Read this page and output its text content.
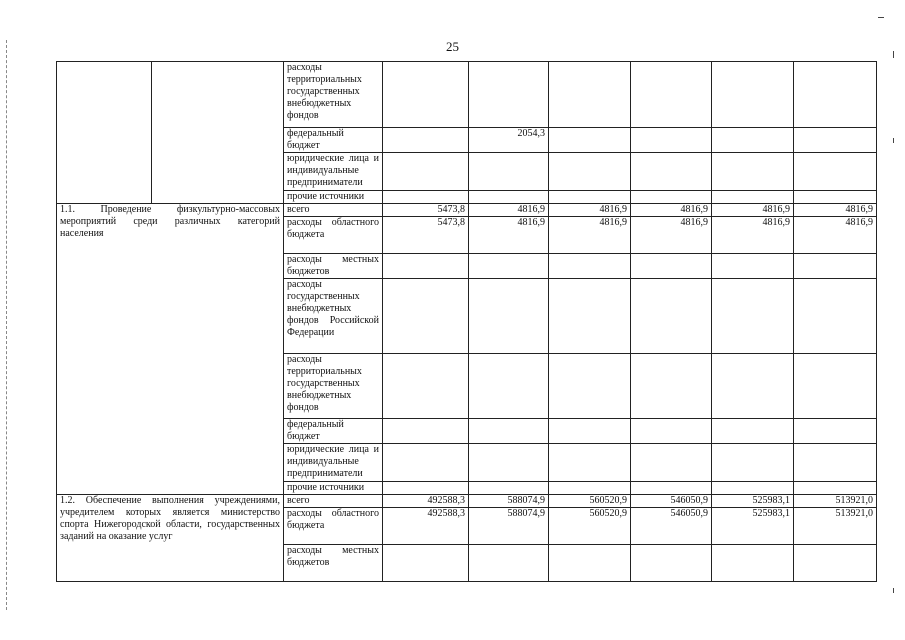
25
		расходы территориальных государственных внебюджетных фондов						
		федеральный бюджет		2054,3				
		юридические лица и индивидуальные предприниматели						
		прочие источники						
1.1. Проведение физкультурно-массовых мероприятий среди различных категорий населения		всего	5473,8	4816,9	4816,9	4816,9	4816,9	4816,9
		расходы областного бюджета	5473,8	4816,9	4816,9	4816,9	4816,9	4816,9
		расходы местных бюджетов						
		расходы государственных внебюджетных фондов Российской Федерации						
		расходы территориальных государственных внебюджетных фондов						
		федеральный бюджет						
		юридические лица и индивидуальные предприниматели						
		прочие источники						
1.2. Обеспечение выполнения учреждениями, учредителем которых является министерство спорта Нижегородской области, государственных заданий на оказание услуг		всего	492588,3	588074,9	560520,9	546050,9	525983,1	513921,0
		расходы областного бюджета	492588,3	588074,9	560520,9	546050,9	525983,1	513921,0
		расходы местных бюджетов						
